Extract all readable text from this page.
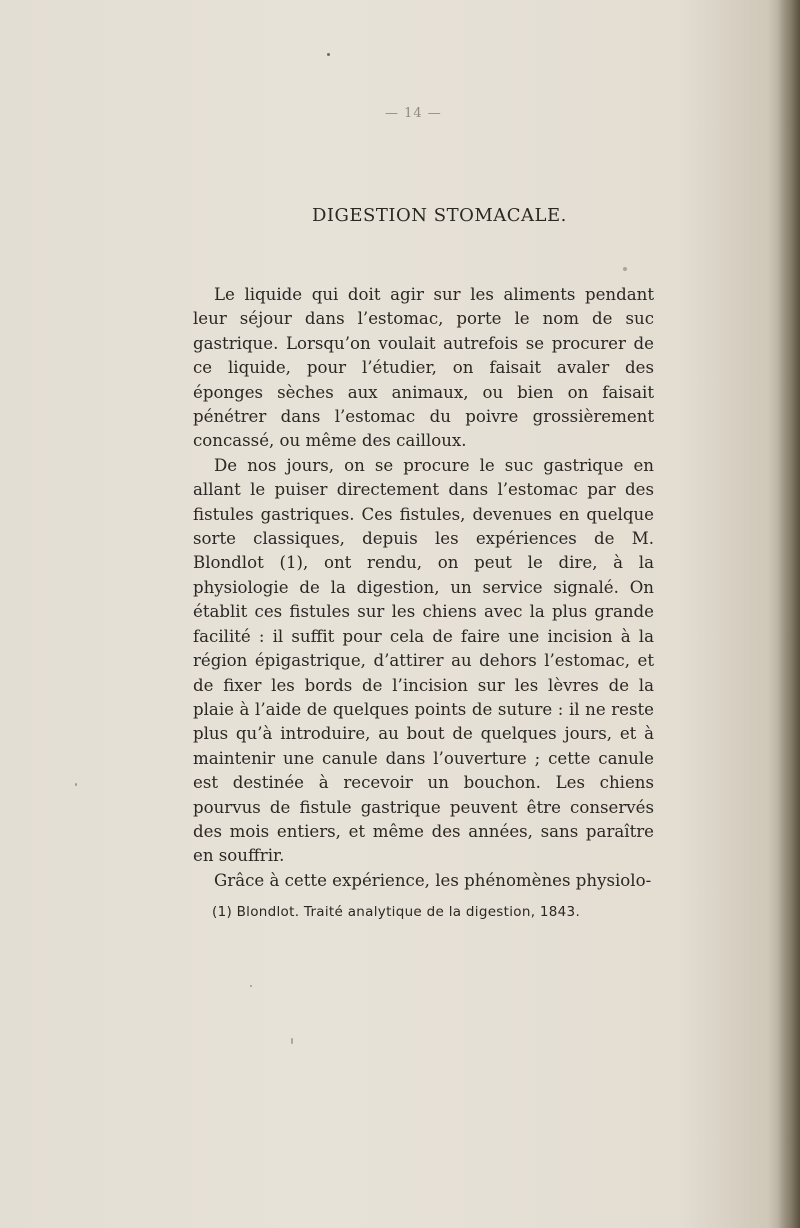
— 14 —
DIGESTION STOMACALE.

Le liquide qui doit agir sur les aliments pendant leur séjour dans l’estomac, porte le nom de suc gastrique. Lorsqu’on voulait autrefois se procurer de ce liquide, pour l’étudier, on faisait avaler des éponges sèches aux animaux, ou bien on faisait pénétrer dans l’estomac du poivre grossièrement concassé, ou même des cailloux.

De nos jours, on se procure le suc gastrique en allant le puiser directement dans l’estomac par des fistules gastriques. Ces fistules, devenues en quelque sorte classiques, depuis les expériences de M. Blondlot (1), ont rendu, on peut le dire, à la physiologie de la digestion, un service signalé. On établit ces fistules sur les chiens avec la plus grande facilité : il suffit pour cela de faire une incision à la région épigastrique, d’attirer au dehors l’estomac, et de fixer les bords de l’incision sur les lèvres de la plaie à l’aide de quelques points de suture : il ne reste plus qu’à introduire, au bout de quelques jours, et à maintenir une canule dans l’ouverture ; cette canule est destinée à recevoir un bouchon. Les chiens pourvus de fistule gastrique peuvent être conservés des mois entiers, et même des années, sans paraître en souffrir.

Grâce à cette expérience, les phénomènes physiolo-

(1) Blondlot. Traité analytique de la digestion, 1843.
